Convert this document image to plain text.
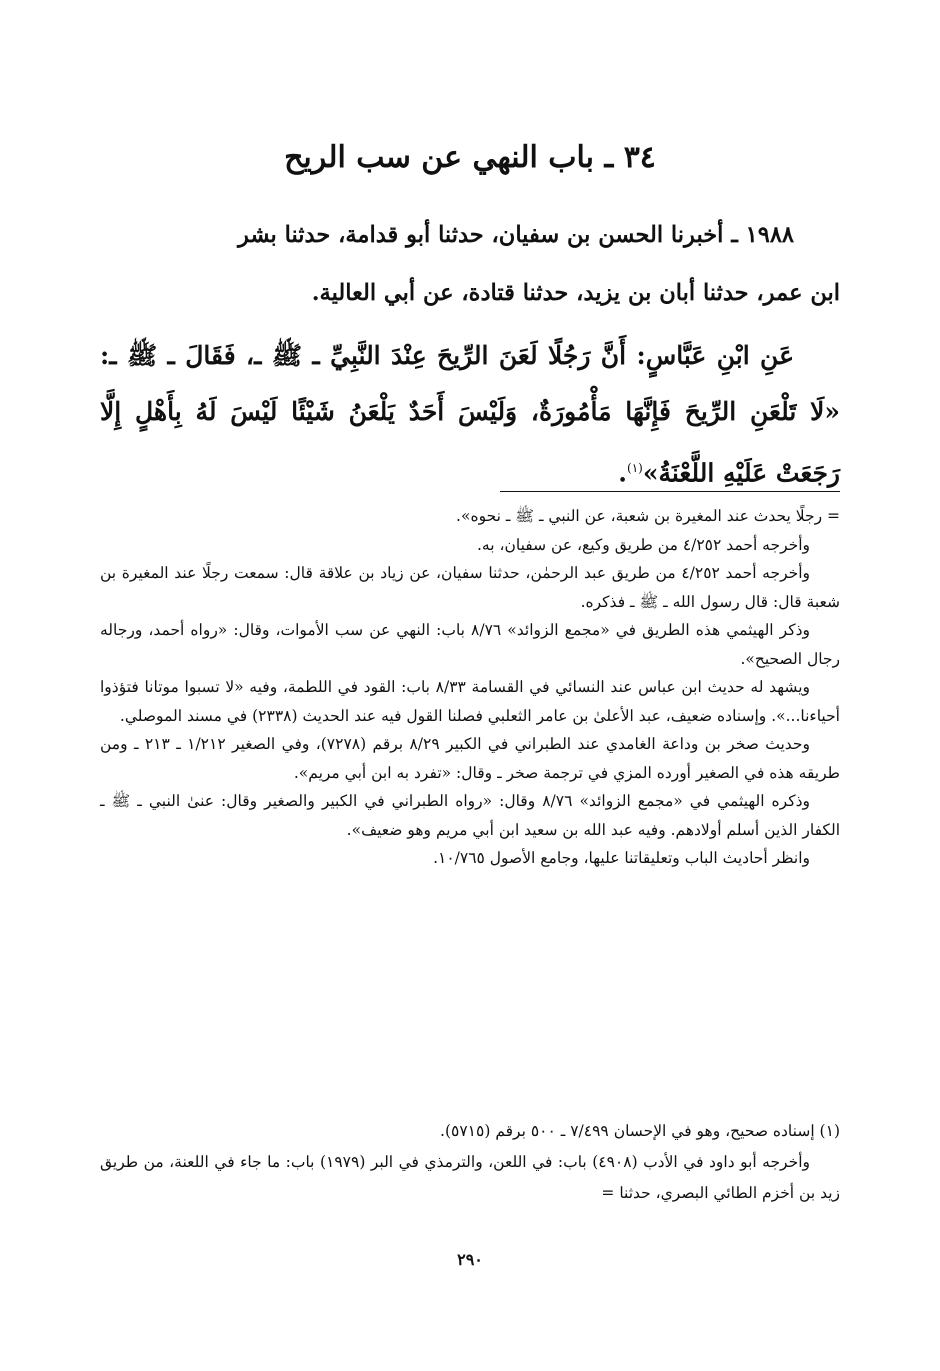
٣٤ ـ باب النهي عن سب الريح

١٩٨٨ ـ أخبرنا الحسن بن سفيان، حدثنا أبو قدامة، حدثنا بشر

ابن عمر، حدثنا أبان بن يزيد، حدثنا قتادة، عن أبي العالية.

عَنِ ابْنِ عَبَّاسٍ: أَنَّ رَجُلًا لَعَنَ الرِّيحَ عِنْدَ النَّبِيِّ ـ ﷺ ـ، فَقَالَ ـ ﷺ ـ: «لَا تَلْعَنِ الرِّيحَ فَإِنَّهَا مَأْمُورَةٌ، وَلَيْسَ أَحَدٌ يَلْعَنُ شَيْئًا لَيْسَ لَهُ بِأَهْلٍ إِلَّا رَجَعَتْ عَلَيْهِ اللَّعْنَةُ»$^{(١)}$.

= رجلًا يحدث عند المغيرة بن شعبة، عن النبي ـ ﷺ ـ نحوه».

وأخرجه أحمد ٤/٢٥٢ من طريق وكيع، عن سفيان، به.

وأخرجه أحمد ٤/٢٥٢ من طريق عبد الرحمٰن، حدثنا سفيان، عن زياد بن علاقة قال: سمعت رجلًا عند المغيرة بن شعبة قال: قال رسول الله ـ ﷺ ـ فذكره.

وذكر الهيثمي هذه الطريق في «مجمع الزوائد» ٨/٧٦ باب: النهي عن سب الأموات، وقال: «رواه أحمد، ورجاله رجال الصحيح».

ويشهد له حديث ابن عباس عند النسائي في القسامة ٨/٣٣ باب: القود في اللطمة، وفيه «لا تسبوا موتانا فتؤذوا أحياءنا...». وإسناده ضعيف، عبد الأعلىٰ بن عامر الثعلبي فصلنا القول فيه عند الحديث (٢٣٣٨) في مسند الموصلي.

وحديث صخر بن وداعة الغامدي عند الطبراني في الكبير ٨/٢٩ برقم (٧٢٧٨)، وفي الصغير ١/٢١٢ ـ ٢١٣ ـ ومن طريقه هذه في الصغير أورده المزي في ترجمة صخر ـ وقال: «تفرد به ابن أبي مريم».

وذكره الهيثمي في «مجمع الزوائد» ٨/٧٦ وقال: «رواه الطبراني في الكبير والصغير وقال: عنىٰ النبي ـ ﷺ ـ الكفار الذين أسلم أولادهم. وفيه عبد الله بن سعيد ابن أبي مريم وهو ضعيف».

وانظر أحاديث الباب وتعليقاتنا عليها، وجامع الأصول ١٠/٧٦٥.

(١) إسناده صحيح، وهو في الإحسان ٧/٤٩٩ ـ ٥٠٠ برقم (٥٧١٥).

وأخرجه أبو داود في الأدب (٤٩٠٨) باب: في اللعن، والترمذي في البر (١٩٧٩) باب: ما جاء في اللعنة، من طريق زيد بن أخزم الطائي البصري، حدثنا =

٢٩٠
